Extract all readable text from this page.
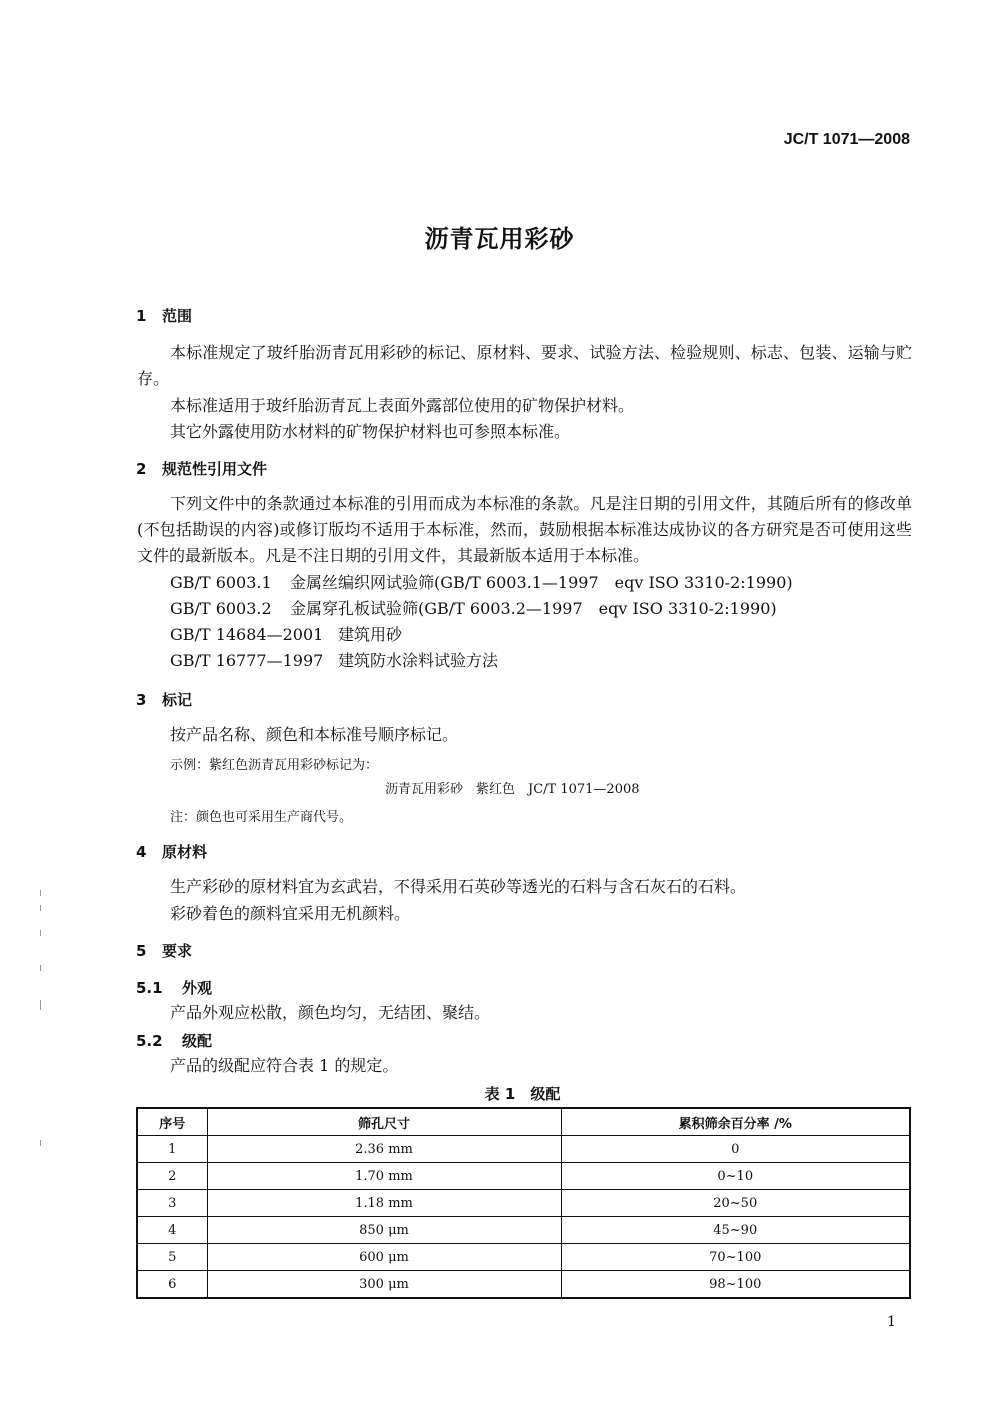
JC/T 1071—2008
沥青瓦用彩砂
1 范围
本标准规定了玻纤胎沥青瓦用彩砂的标记、原材料、要求、试验方法、检验规则、标志、包装、运输与贮存。
本标准适用于玻纤胎沥青瓦上表面外露部位使用的矿物保护材料。
其它外露使用防水材料的矿物保护材料也可参照本标准。
2 规范性引用文件
下列文件中的条款通过本标准的引用而成为本标准的条款。凡是注日期的引用文件，其随后所有的修改单(不包括勘误的内容)或修订版均不适用于本标准，然而，鼓励根据本标准达成协议的各方研究是否可使用这些文件的最新版本。凡是不注日期的引用文件，其最新版本适用于本标准。
GB/T 6003.1 金属丝编织网试验筛(GB/T 6003.1—1997　eqv ISO 3310-2:1990)
GB/T 6003.2 金属穿孔板试验筛(GB/T 6003.2—1997　eqv ISO 3310-2:1990)
GB/T 14684—2001 建筑用砂
GB/T 16777—1997 建筑防水涂料试验方法
3 标记
按产品名称、颜色和本标准号顺序标记。
示例：紫红色沥青瓦用彩砂标记为：
沥青瓦用彩砂　紫红色　JC/T 1071—2008
注：颜色也可采用生产商代号。
4 原材料
生产彩砂的原材料宜为玄武岩，不得采用石英砂等透光的石料与含石灰石的石料。
彩砂着色的颜料宜采用无机颜料。
5 要求
5.1 外观
产品外观应松散，颜色均匀，无结团、聚结。
5.2 级配
产品的级配应符合表 1 的规定。
表 1　级配
序号	筛孔尺寸	累积筛余百分率 /%
1	2.36 mm	0
2	1.70 mm	0~10
3	1.18 mm	20~50
4	850 μm	45~90
5	600 μm	70~100
6	300 μm	98~100
1
